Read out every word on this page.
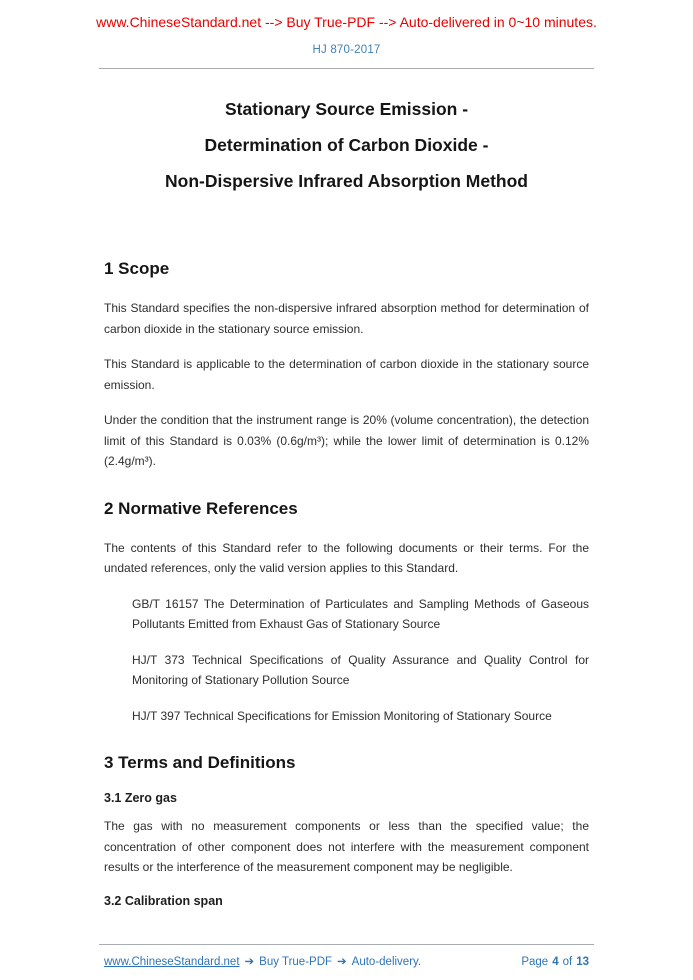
www.ChineseStandard.net --> Buy True-PDF --> Auto-delivered in 0~10 minutes.
HJ 870-2017
Stationary Source Emission -
Determination of Carbon Dioxide -
Non-Dispersive Infrared Absorption Method
1 Scope

This Standard specifies the non-dispersive infrared absorption method for determination of carbon dioxide in the stationary source emission.

This Standard is applicable to the determination of carbon dioxide in the stationary source emission.

Under the condition that the instrument range is 20% (volume concentration), the detection limit of this Standard is 0.03% (0.6g/m³); while the lower limit of determination is 0.12% (2.4g/m³).

2 Normative References

The contents of this Standard refer to the following documents or their terms. For the undated references, only the valid version applies to this Standard.

GB/T 16157 The Determination of Particulates and Sampling Methods of Gaseous Pollutants Emitted from Exhaust Gas of Stationary Source

HJ/T 373 Technical Specifications of Quality Assurance and Quality Control for Monitoring of Stationary Pollution Source

HJ/T 397 Technical Specifications for Emission Monitoring of Stationary Source

3 Terms and Definitions
3.1 Zero gas

The gas with no measurement components or less than the specified value; the concentration of other component does not interfere with the measurement component results or the interference of the measurement component may be negligible.

3.2 Calibration span
www.ChineseStandard.net ➔ Buy True-PDF ➔ Auto-delivery.	Page 4 of 13
